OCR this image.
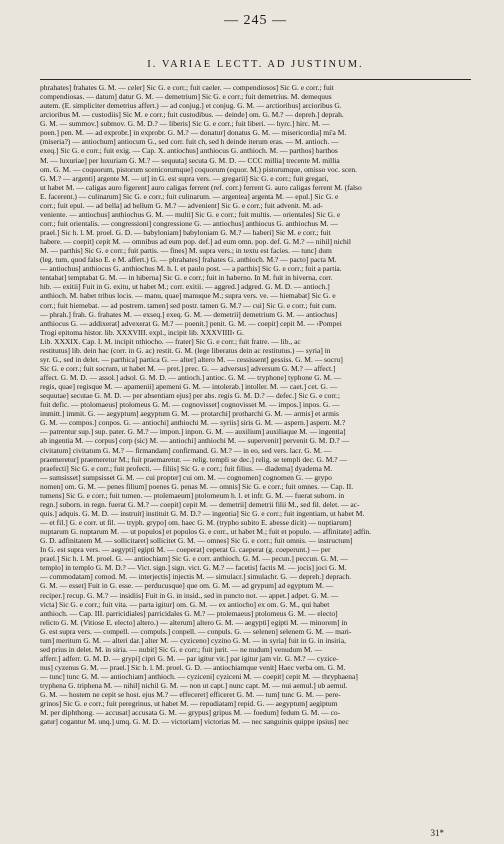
— 245 —
I. VARIAE LECTT. AD JUSTINUM.
phrahates] frahates G. M. — celer] Sic G. e corr.; fuit caeler. — compendiosos] Sic G. e corr.; fuit
compendiosas. — datum] datur G. M. — demetrium] Sic G. e corr.; fuit demetrius. M. demequus
autem. (E. simpliciter demetrius affert.) — ad conjug.] et conjug. G. M. — arctioribus] arcioribus G.
arcioribus M. — custodiis] Sic M. e corr.; fuit custodibus. — deinde] om. G. M.? — depreh.] deprah.
G. M. — summov.] submov. G. M. D.? — liberis] Sic G. e corr.; fuit liberi. — hyrc.] hirc. M. —
poen.] pen. M. — ad exprobr.] in exprobr. G. M.? — donatur] donatus G. M. — misericordia] mi'a M.
(miseria?) — antiochum] antiocum G., sed corr. fuit ch, sed h deinde iterum eras. — M. antioch. —
exeq.] Sic G. e corr.; fuit exig. — Cap. X. antiochus] anthiocus G. anthioch. M. — parthos] barthos
M. — luxuriae] per luxuriam G. M.? — sequuta] secuta G. M. D. — CCC millia] trecente M. millia
om. G. M. — coquorum, pistorum scenicorumque] coquorum (equor. M.) pistorumque, omisso voc. scen.
G. M.? — argenti] argente M. — ut] in G. est supra vers. — gregarii] Sic G. e corr.; fuit gregari,
ut habet M. — caligas auro figerent] auro caligas ferrent (ref. corr.) ferrent G. auro caligas ferrent M. (falso
E. facerent.) — culinarum] Sic G. e corr.; fuit culinarum. — argentea] argenta M. — epul.] Sic G. e
corr.; fuit epul. — ad bella] ad bellum G. M.? — advenient] Sic G. e corr.; fuit advenit. M. ad-
veniente. — antiochus] anthiochus G. M. — multi] Sic G. e corr.; fuit multis. — orientales] Sic G. e
corr.; fuit orientalis. — congressioni] congressione G. — antiochus] anthiocus G. anthiochus M. —
prael.] Sic h. l. M. proel. G. D. — babyloniam] babyloniam G. M.? — haberi] Sic M. e corr.; fuit
habere. — coepit] cepit M. — omnibus ad eum pop. def.] ad eum omn. pop. def. G. M.? — nihil] nichil
M. — parthis] Sic G. e corr.; fuit partis. — fines] M. supra vers.; in textu est facies. — tunc] dum
(leg. tum, quod falso E. e M. affert.) G. — phrahates] frahates G. anthioch. M.? — pacto] pacta M.
— antiochus] anthiocus G. anthiochus M. h. l. et paulo post. — a parthis] Sic G. e corr.; fuit a partia.
tentabat] temptabat G. M. — in hiberna] Sic G. e corr.; fuit in haberno. In M. fuit in hiverna, corr.
hib. — exitii] Fuit in G. exitu, ut habet M.; corr. exitii. — aggred.] adgred. G. M. D. — antioch.]
anthioch. M. habet tribus locis. — manu, quae] manuque M.; supra vers. ve. — hiemabat] Sic G. e
corr.; fuit hiemebat. — ad postrem. tamen] sed postr. tamen G. M.? — cui] Sic G. e corr.; fuit cum.
— phrah.] frah. G. frahates M. — exseq.] exeq. G. M. — demetrii] demetrium G. M. — antiochus]
anthiocus G. — addixerat] advexerat G. M.? — poenit.] penit. G. M. — coepit] cepit M. — ›Pompei
Trogi epitoma histor. lib. XXXVIII. expl., incipit lib. XXXVIIII‹ G.
Lib. XXXIX. Cap. I. M. incipit nthiocho. — frater] Sic G. e corr.; fuit fratre. — lib., ac
restitutus] lib. dein hac (corr. in G. ac) restit. G. M. (lege liberatus dein ac restitutus.) — syria] in
syr. G., sed in delet. — parthica] partica G. — alter] altero M. — cessissent] gessiss. G. M. — socru]
Sic G. e corr.; fuit socrum, ut habet M. — pret.] prec. G. — adversus] adversum G. M.? — affect.]
affect. G. M. D. — assol.] adsol. G. M. D. — antioch.] antioc. G. M. — tryphone] typhone G. M. —
regis, quae] regisque M. — apamenii] apemeni G. M. — intolerab.] intoller. M. — caet.] cet. G. —
sequutae] secutae G. M. D. — per absentiam ejus] per abs. regis G. M. D.? — defec.] Sic G. e corr.;
fuit defic. — ptolomaeus] ptolomeus G. M. — cognovisset] cognovisset M. — impos.] inpos. G. —
immitt.] immit. G. — aegyptum] aegyptum G. M. — protarchi] protharchi G. M. — armis] et armis
G. M. — compos.] conpos. G. — antiochi] anthiochi M. — syriis] siris G. M. — aspern.] aspern. M.?
— patrentur sup.] sup. pater. G. M.? — impon.] inpon. G. M. — auxilium] auxiliaque M. — ingentia]
ab ingentia M. — corpus] corp (sic) M. — antiochi] anthiochi M. — supervenit] pervenit G. M. D.? —
civitatum] civitatum G. M.? — firmandam] confirmand. G. M.? — in eo, sed vers. lacr. G. M. —
praemeretur] praemeretur M.; fuit praemaretur. — relig. templi se dec.] relig. se templi dec. G. M.? —
praefecti] Sic G. e corr.; fuit profecti. — filiis] Sic G. e corr.; fuit filius. — diadema] dyadema M.
— sumsisset] sumpsisset G. M. — cui propter] cui om. M. — cognomen] cognomen G. — grypo
nomen] om. G. M. — penes filium] poenes G. penas M. — omnis] Sic G. e corr.; fuit omnes. — Cap. II.
tumens] Sic G. e corr.; fuit tumen. — ptolemaeum] ptolomeum h. l. et infr. G. M. — fuerat suborn. in
regn.] suborn. in regn. fuerat G. M.? — coepit] cepit M. — demetrii] demetrii filii M., sed fil. delet. — ac-
quis.] adquis. G. M. D. — instruit] instituit G. M. D.? — ingentia] Sic G. e corr.; fuit ingentiam, ut habet M.
— et fil.] G. e corr. ut fil. — tryph. grypo] om. haec G. M. (trypho subito E. abesse dicit) — nuptiarum]
nuptarum G. nuptarum M. — ut populos] et populos G. e corr., ut habet M.; fuit et populo. — affinitate] adfin.
G. D. adfinitatem M. — sollicitaret] sollicitet G. M. — omnes] Sic G. e corr.; fuit omnis. — instructum]
In G. est supra vers. — aegypti] egipti M. — coeperat] ceperat G. caeperat (g. coeperunt.) — per
prael.] Sic h. l. M. proel. G. — antiochiam] Sic G. e corr. anthioch. G. M. — pecun.] peccun. G. M. —
templo] in templo G. M. D.? — Vict. sign.] sign. vict. G. M.? — facetis] factis M. — jocis] joci G. M.
— commodatam] comod. M. — interjectis] injectis M. — simulacr.] simulachr. G. — depreh.] deprach.
G. M. — esset] Fuit in G. esse. — perducusque] que om. G. M. — ad grypum] ad egyptum M. —
reciper.] recup. G. M.? — insidiis] Fuit in G. in insid., sed in puncto not. — appet.] adpet. G. M. —
victa] Sic G. e corr.; fuit vita. — parta igitur] om. G. M. — ex antiocho] ex om. G. M., qui habet
anthioch. — Cap. III. parricidiales] parricidales G. M.? — ptolemaeus] ptolomeus G. M. — electo]
relicto G. M. (Vitiose E. electo] altero.) — alterum] altero G. M. — aegypti] egipti M. — minorem] in
G. est supra vers. — compell. — compuls.] conpell. — conpuls. G. — selenen] selenem G. M. — mari-
tum] meritum G. M. — alteri dar.] alter M. — cyziceno] cyzino G. M. — in syria] fuit in G. in insiria,
sed prius in delet. M. in siria. — nubit] Sic G. e corr.; fuit jurit. — ne nudum] venudum M. —
afferr.] adferr. G. M. D. — grypi] cipri G. M. — par igitur vir.] par igitur jam vir. G. M.? — cyzice-
nus] cyzenus G. M. — prael.] Sic h. l. M. proel. G. D. — antiochiamque venit] Haec verba om. G. M.
— tunc] tunc G. M. — antiochiam] anthioch. — cyziceni] cyziceni M. — coepit] cepit M. — thryphaena]
tryphena G. triphena M. — nihil] nichil G. M. — non ut capt.] nunc capt. M. — nui aemul.] ub aemul.
G. M. — hostem ne cepit se host. ejus M.? — effeceret] efficeret G. M. — tum] tunc G. M. — pere-
grinos] Sic G. e corr.; fuit peregrinus, ut habet M. — repudiatam] repid. G. — aegyptum] aegiptum
M. per diphthong. — accusat] accusata G. M. — grypus] gripus M. — foedum] fedum G. M. — co-
gatur] cogantur M. unq.] umq. G. M. D. — victoriam] victorias M. — nec sanguinis quippe ipsius] nec
31*
